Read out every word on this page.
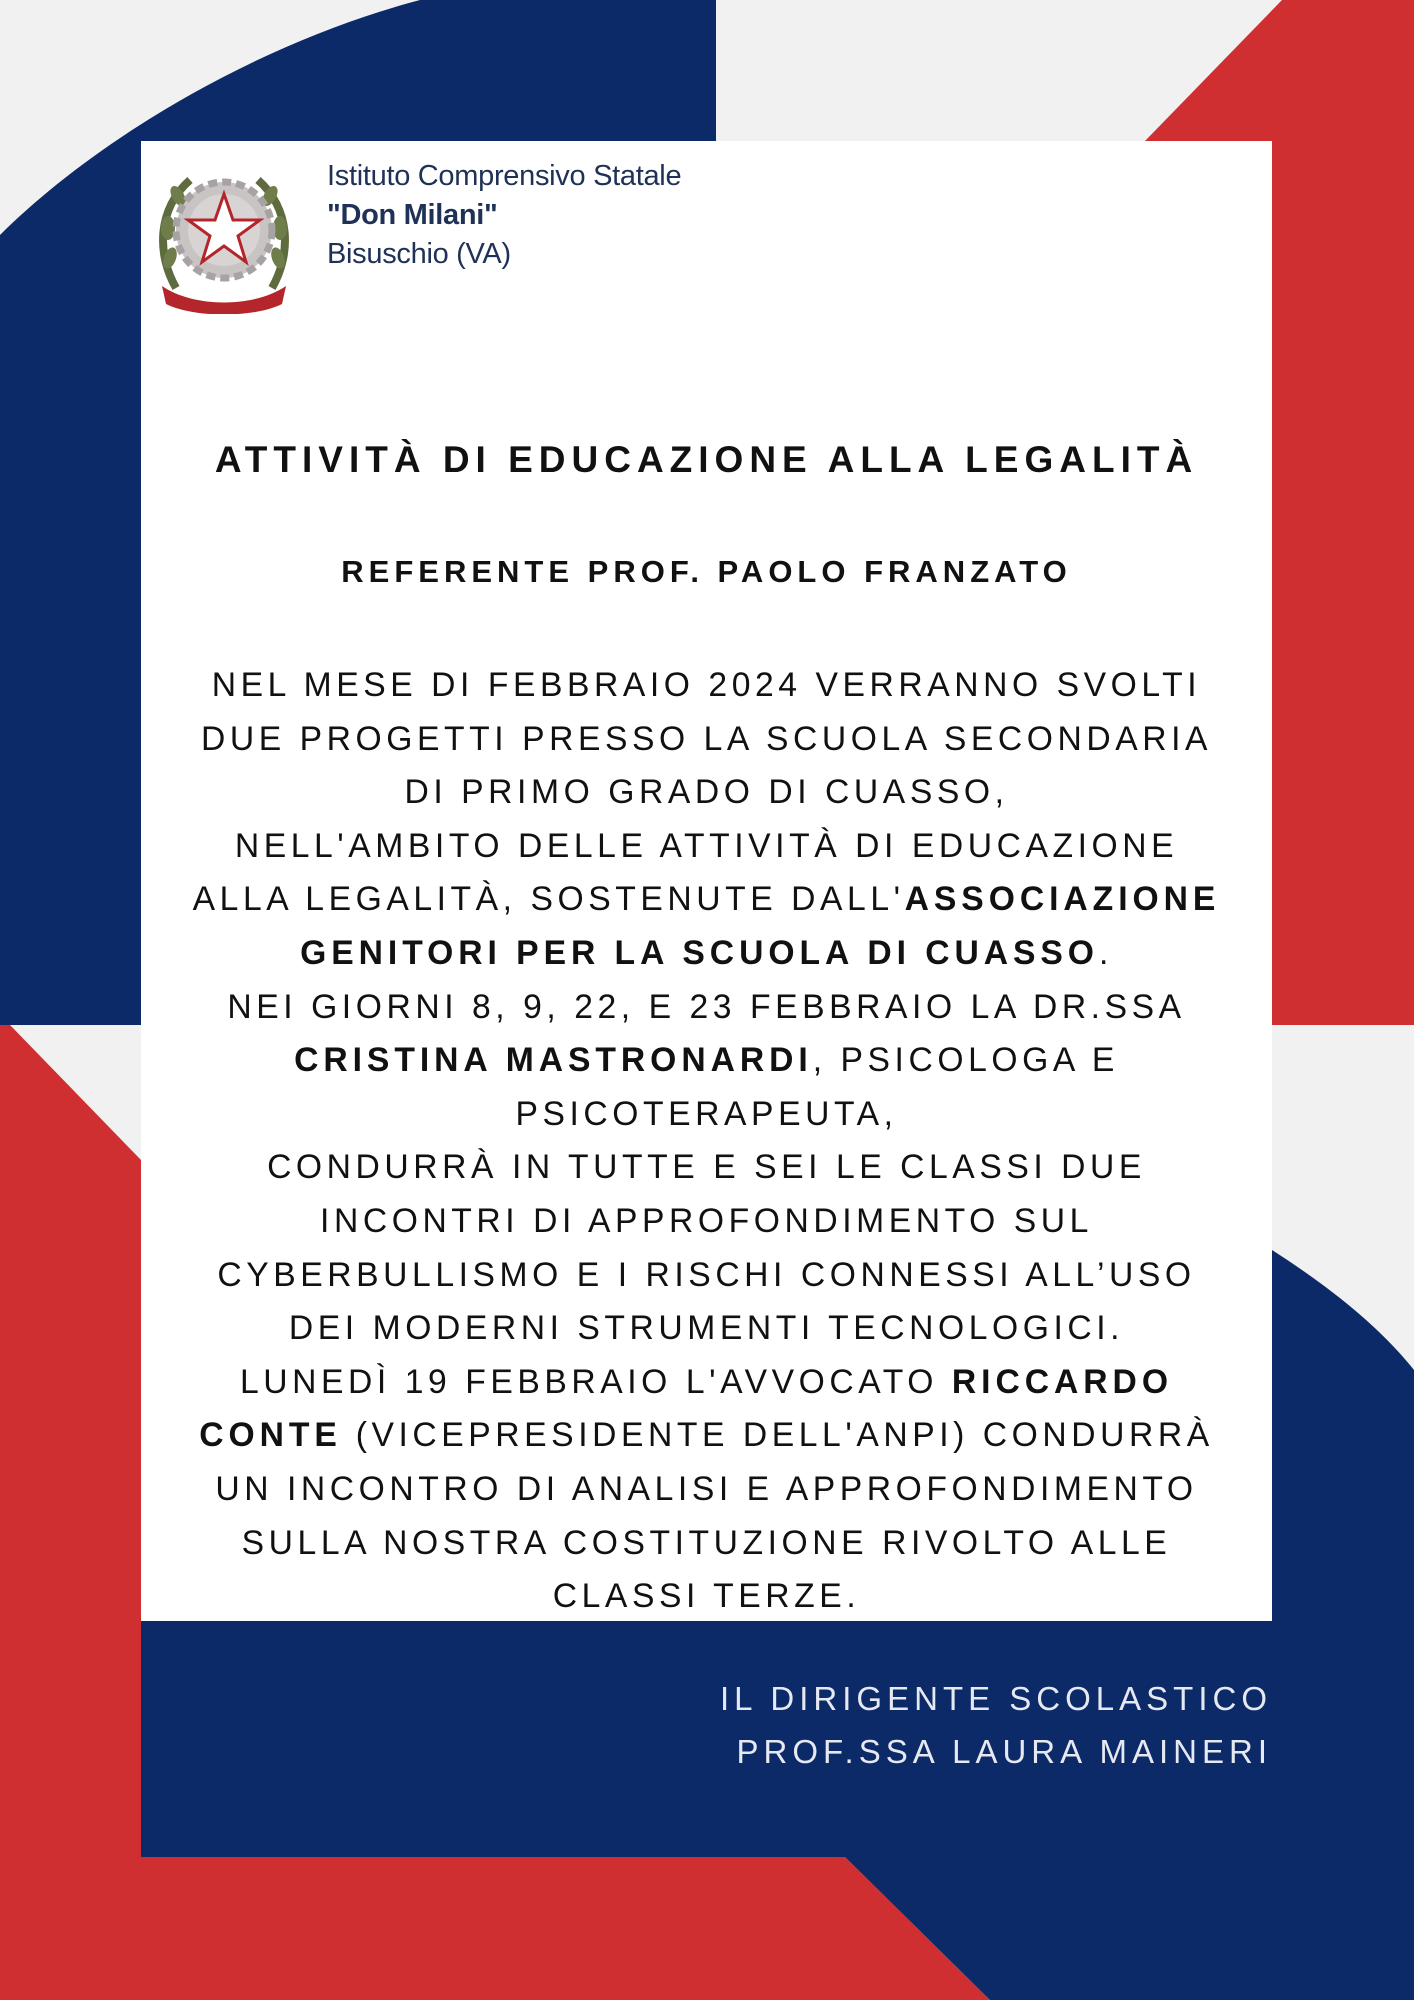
Istituto Comprensivo Statale
"Don Milani"
Bisuschio (VA)
ATTIVITÀ DI EDUCAZIONE ALLA LEGALITÀ
REFERENTE PROF. PAOLO FRANZATO
NEL MESE DI FEBBRAIO 2024 VERRANNO SVOLTI
DUE PROGETTI PRESSO LA SCUOLA SECONDARIA
DI PRIMO GRADO DI CUASSO,
NELL'AMBITO DELLE ATTIVITÀ DI EDUCAZIONE
ALLA LEGALITÀ, SOSTENUTE DALL'ASSOCIAZIONE
GENITORI PER LA SCUOLA DI CUASSO.
NEI GIORNI 8, 9, 22, E 23 FEBBRAIO LA DR.SSA
CRISTINA MASTRONARDI, PSICOLOGA E
PSICOTERAPEUTA,
CONDURRÀ IN TUTTE E SEI LE CLASSI DUE
INCONTRI DI APPROFONDIMENTO SUL
CYBERBULLISMO E I RISCHI CONNESSI ALL’USO
DEI MODERNI STRUMENTI TECNOLOGICI.
LUNEDÌ 19 FEBBRAIO L'AVVOCATO RICCARDO
CONTE (VICEPRESIDENTE DELL'ANPI) CONDURRÀ
UN INCONTRO DI ANALISI E APPROFONDIMENTO
SULLA NOSTRA COSTITUZIONE RIVOLTO ALLE
CLASSI TERZE.
IL DIRIGENTE SCOLASTICO
PROF.SSA LAURA MAINERI
